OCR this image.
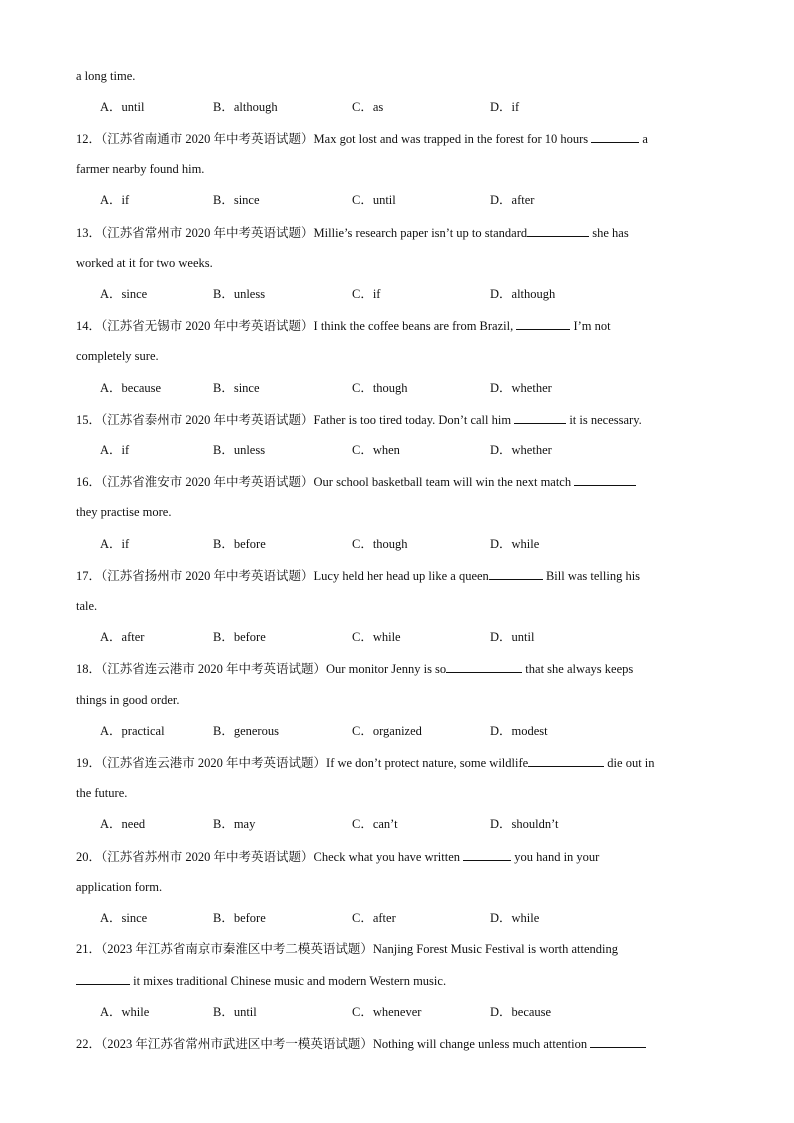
a long time.
A．until	B．although	C．as	D．if
12．（江苏省南通市 2020 年中考英语试题）Max got lost and was trapped in the forest for 10 hours	a
farmer nearby found him.
A．if	B．since	C．until	D．after
13．（江苏省常州市 2020 年中考英语试题）Millie’s research paper isn’t up to standard	she has
worked at it for two weeks.
A．since	B．unless	C．if	D．although
14．（江苏省无锡市 2020 年中考英语试题）I think the coffee beans are from Brazil,	I’m not
completely sure.
A．because	B．since	C．though	D．whether
15．（江苏省泰州市 2020 年中考英语试题）Father is too tired today. Don’t call him	it is necessary.
A．if	B．unless	C．when	D．whether
16．（江苏省淮安市 2020 年中考英语试题）Our school basketball team will win the next match
they practise more.
A．if	B．before	C．though	D．while
17．（江苏省扬州市 2020 年中考英语试题）Lucy held her head up like a queen	Bill was telling his
tale.
A．after	B．before	C．while	D．until
18．（江苏省连云港市 2020 年中考英语试题）Our monitor Jenny is so	that she always keeps
things in good order.
A．practical	B．generous	C．organized	D．modest
19．（江苏省连云港市 2020 年中考英语试题）If we don’t protect nature, some wildlife	die out in
the future.
A．need	B．may	C．can’t	D．shouldn’t
20．（江苏省苏州市 2020 年中考英语试题）Check what you have written	you hand in your
application form.
A．since	B．before	C．after	D．while
21．（2023 年江苏省南京市秦淮区中考二模英语试题）Nanjing Forest Music Festival is worth attending
it mixes traditional Chinese music and modern Western music.
A．while	B．until	C．whenever	D．because
22．（2023 年江苏省常州市武进区中考一模英语试题）Nothing will change unless much attention
